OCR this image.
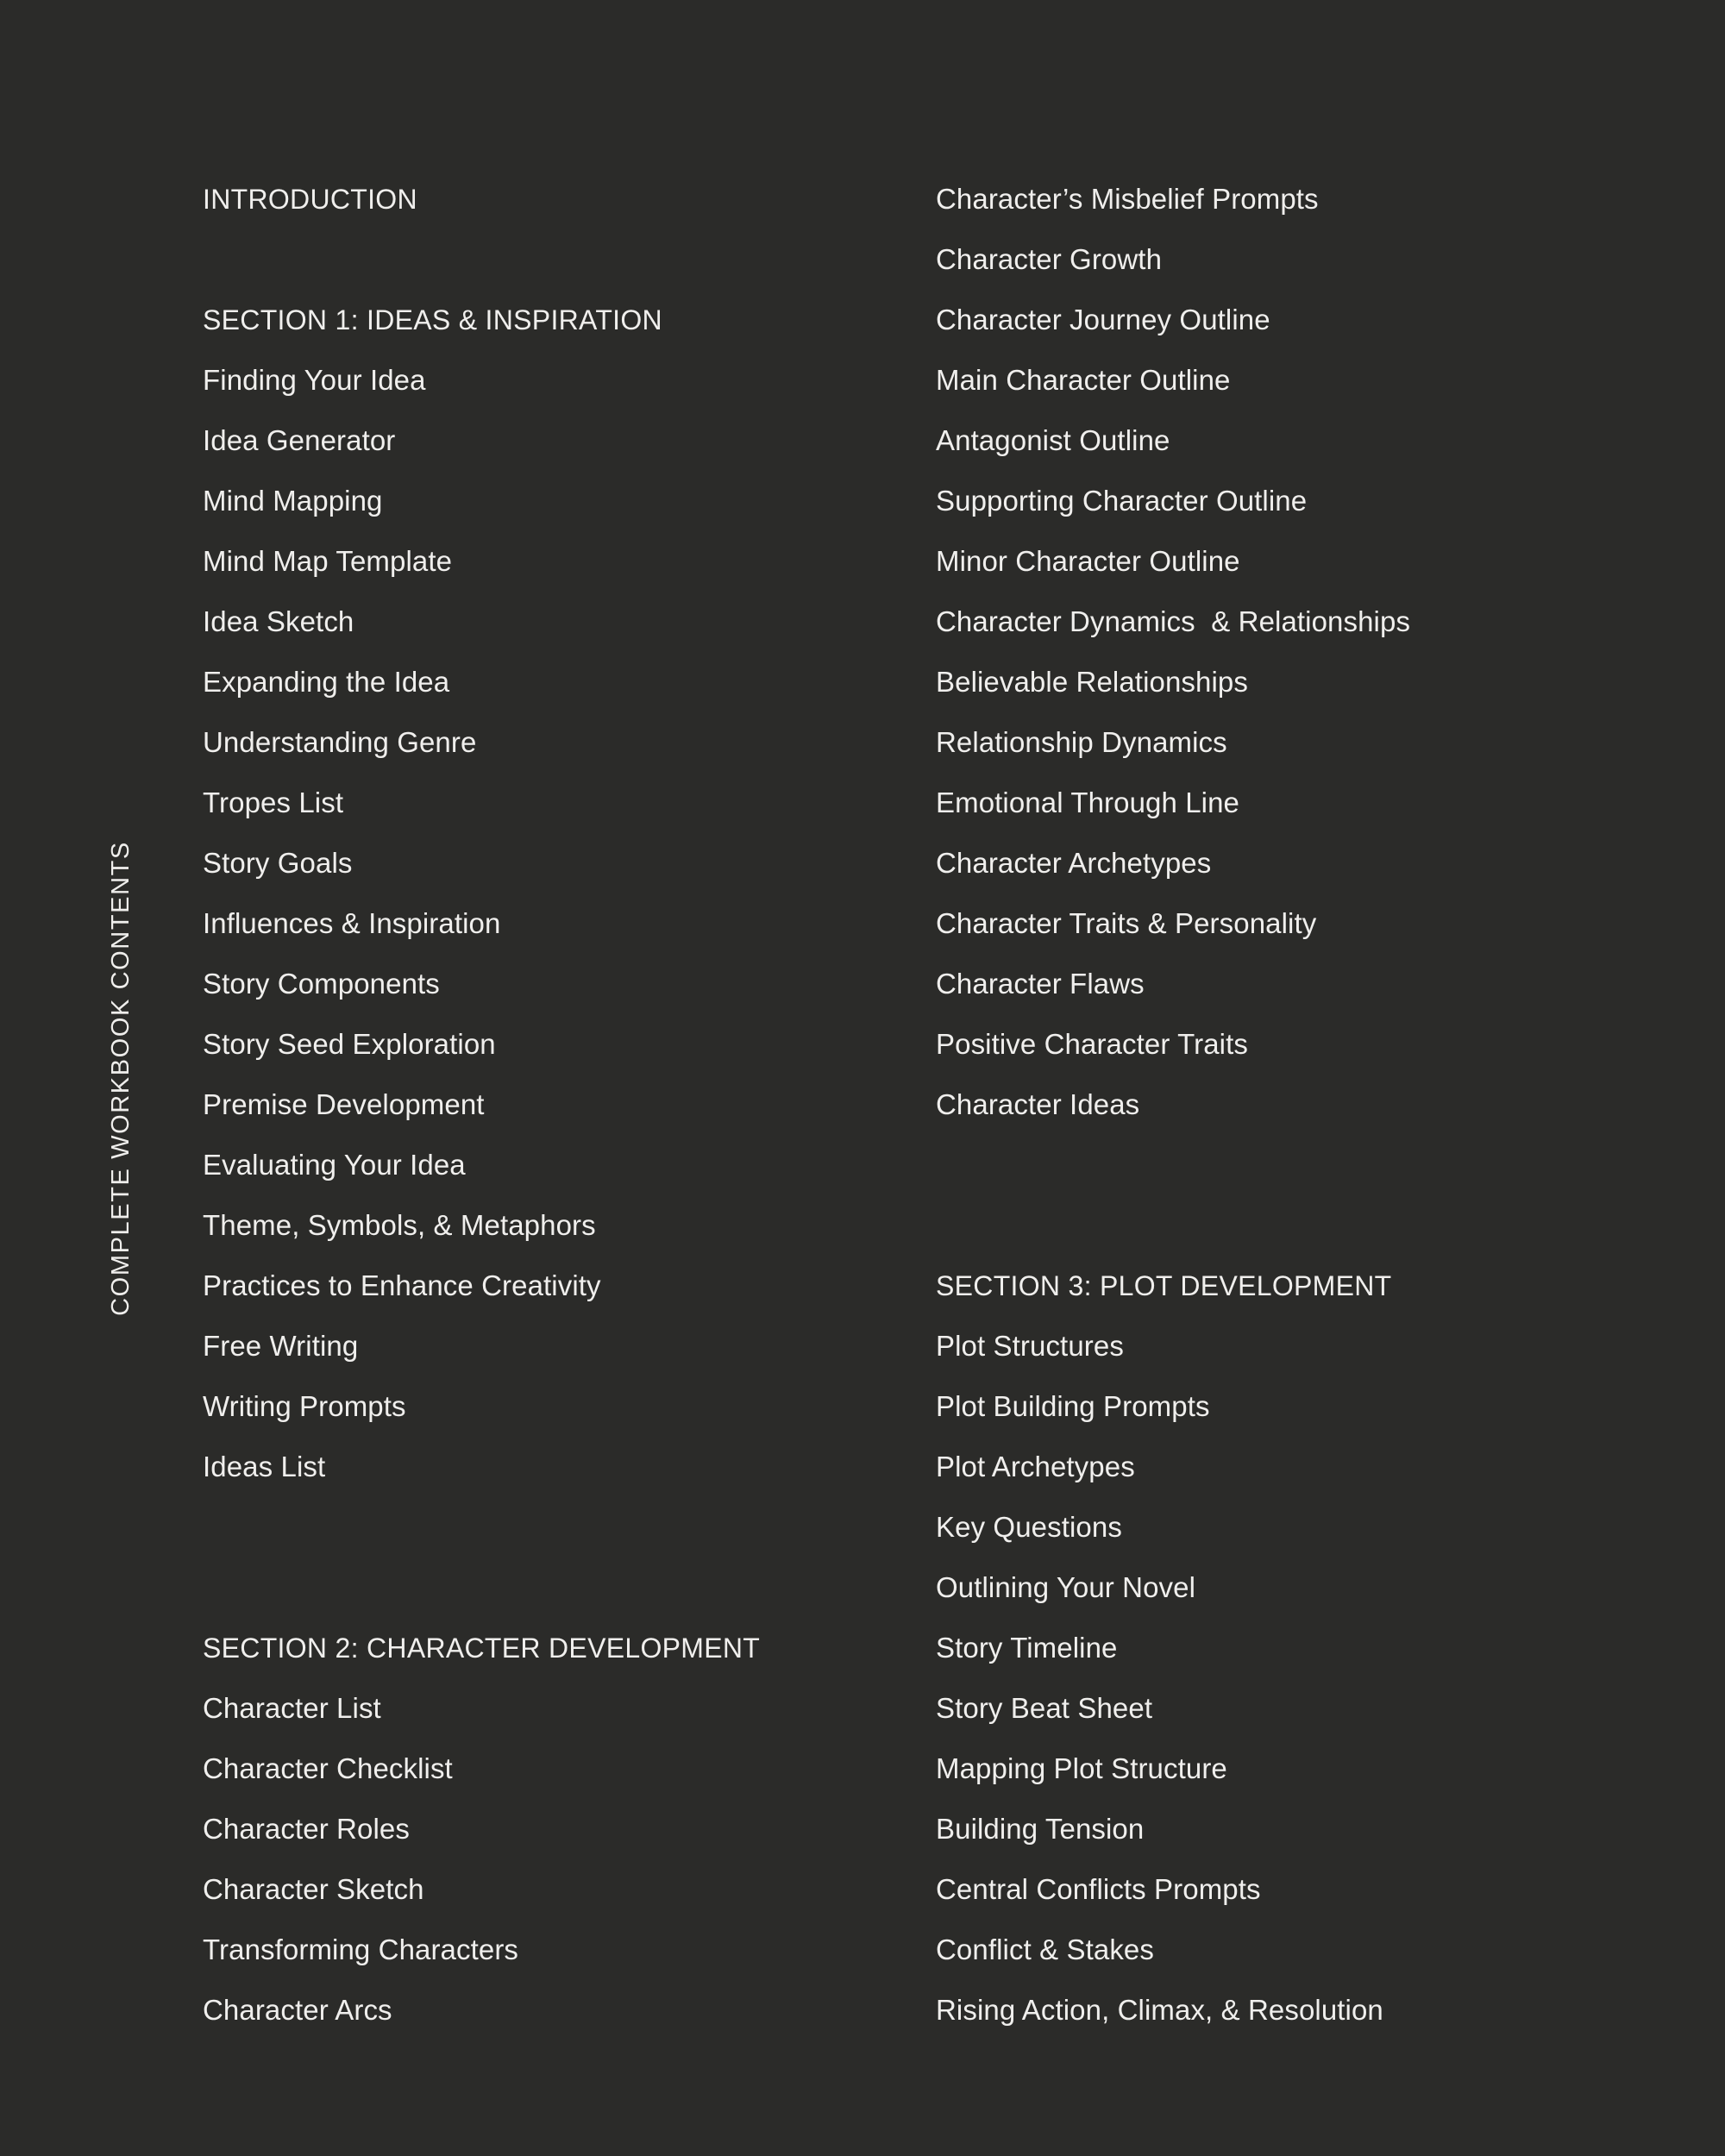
COMPLETE WORKBOOK CONTENTS
INTRODUCTION
SECTION 1: IDEAS & INSPIRATION
Finding Your Idea
Idea Generator
Mind Mapping
Mind Map Template
Idea Sketch
Expanding the Idea
Understanding Genre
Tropes List
Story Goals
Influences & Inspiration
Story Components
Story Seed Exploration
Premise Development
Evaluating Your Idea
Theme, Symbols, & Metaphors
Practices to Enhance Creativity
Free Writing
Writing Prompts
Ideas List
SECTION 2: CHARACTER DEVELOPMENT
Character List
Character Checklist
Character Roles
Character Sketch
Transforming Characters
Character Arcs
Character’s Misbelief Prompts
Character Growth
Character Journey Outline
Main Character Outline
Antagonist Outline
Supporting Character Outline
Minor Character Outline
Character Dynamics  & Relationships
Believable Relationships
Relationship Dynamics
Emotional Through Line
Character Archetypes
Character Traits & Personality
Character Flaws
Positive Character Traits
Character Ideas
SECTION 3: PLOT DEVELOPMENT
Plot Structures
Plot Building Prompts
Plot Archetypes
Key Questions
Outlining Your Novel
Story Timeline
Story Beat Sheet
Mapping Plot Structure
Building Tension
Central Conflicts Prompts
Conflict & Stakes
Rising Action, Climax, & Resolution
